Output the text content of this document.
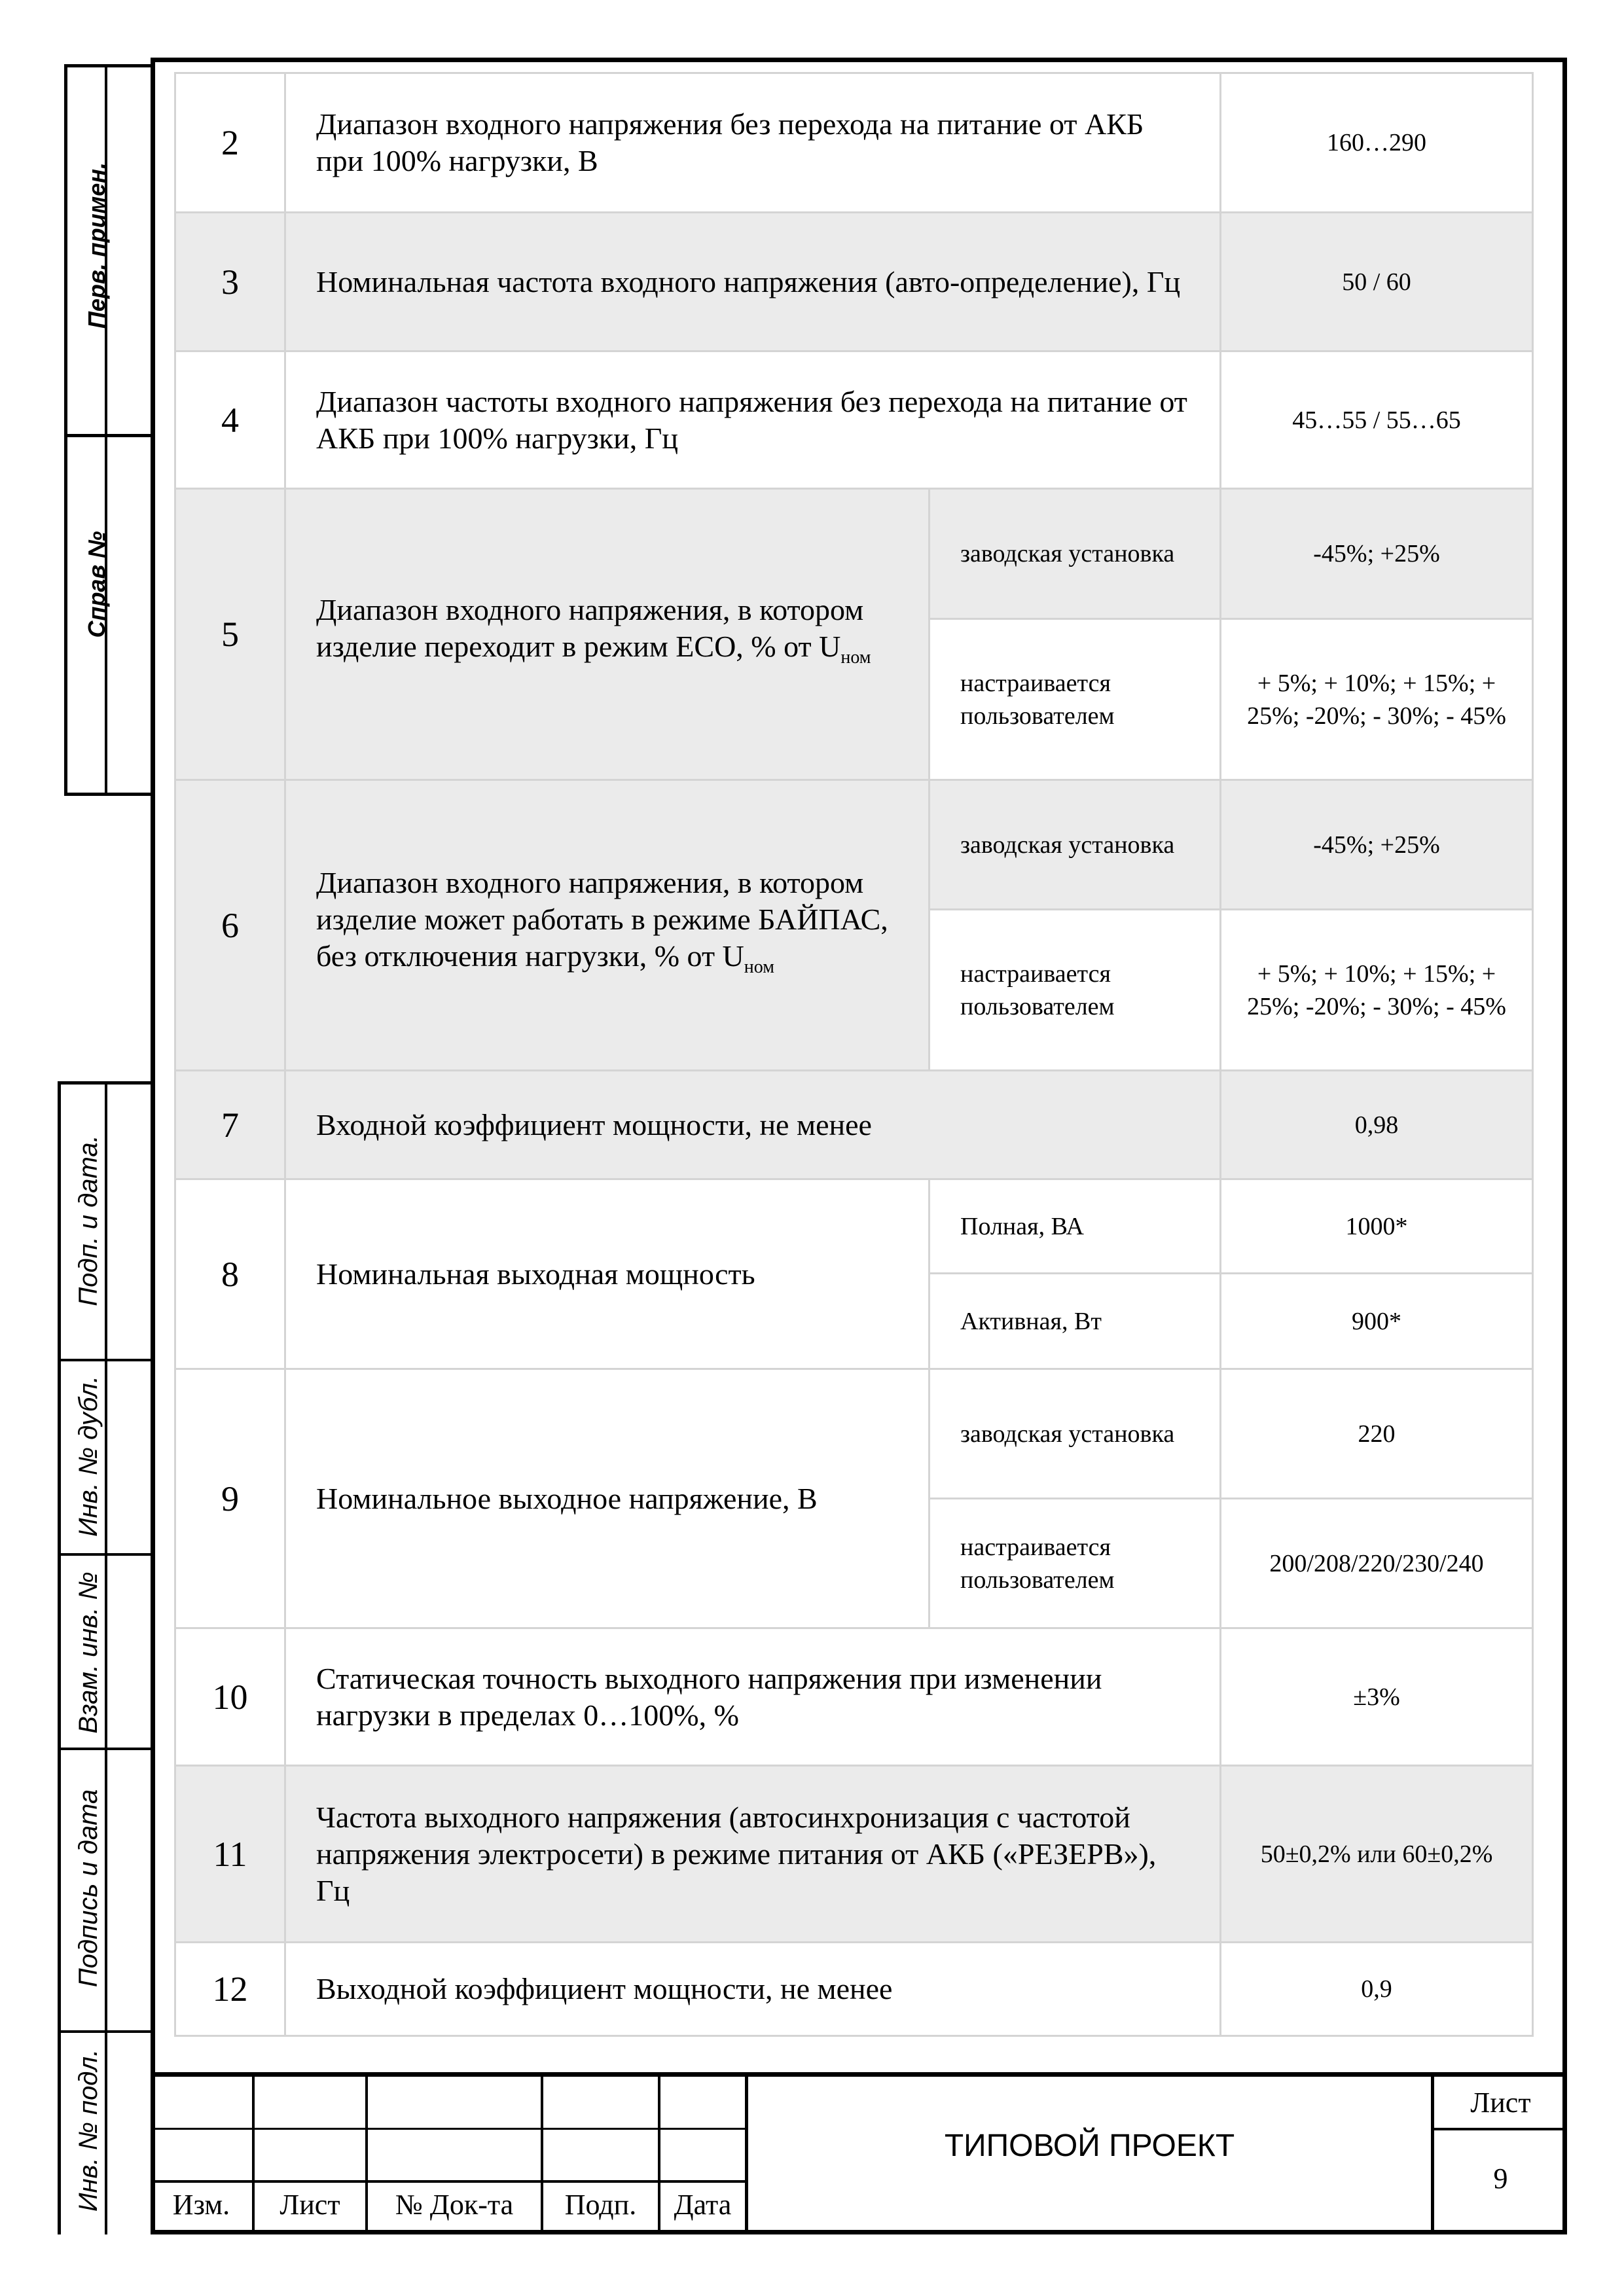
Перв. примен.
Справ №
Подп. и дата.
Инв. № дубл.
Взам. инв. №
Подпись и дата
Инв. № подл.
2	Диапазон входного напряжения без перехода на питание от АКБ при 100% нагрузки, В		160…290
3	Номинальная частота входного напряжения (авто-определение), Гц		50 / 60
4	Диапазон частоты входного напряжения без перехода на питание от АКБ при 100% нагрузки, Гц		45…55 / 55…65
5	Диапазон входного напряжения, в котором изделие переходит в режим ECO, % от $U_{ном}$	заводская установка	-45%; +25%
		настраивается пользователем	+ 5%; + 10%; + 15%; + 25%; -20%; - 30%; - 45%
6	Диапазон входного напряжения, в котором изделие может работать в режиме БАЙПАС, без отключения нагрузки, % от $U_{ном}$	заводская установка	-45%; +25%
		настраивается пользователем	+ 5%; + 10%; + 15%; + 25%; -20%; - 30%; - 45%
7	Входной коэффициент мощности, не менее		0,98
8	Номинальная выходная мощность	Полная, ВА	1000*
		Активная, Вт	900*
9	Номинальное выходное напряжение, В	заводская установка	220
		настраивается пользователем	200/208/220/230/240
10	Статическая точность выходного напряжения при изменении нагрузки в пределах 0…100%, %		±3%
11	Частота выходного напряжения (автосинхронизация с частотой напряжения электросети) в режиме питания от АКБ («РЕЗЕРВ»), Гц		50±0,2% или 60±0,2%
12	Выходной коэффициент мощности, не менее		0,9
Изм.	Лист	№ Док-та	Подп.	Дата
ТИПОВОЙ ПРОЕКТ
Лист
9
